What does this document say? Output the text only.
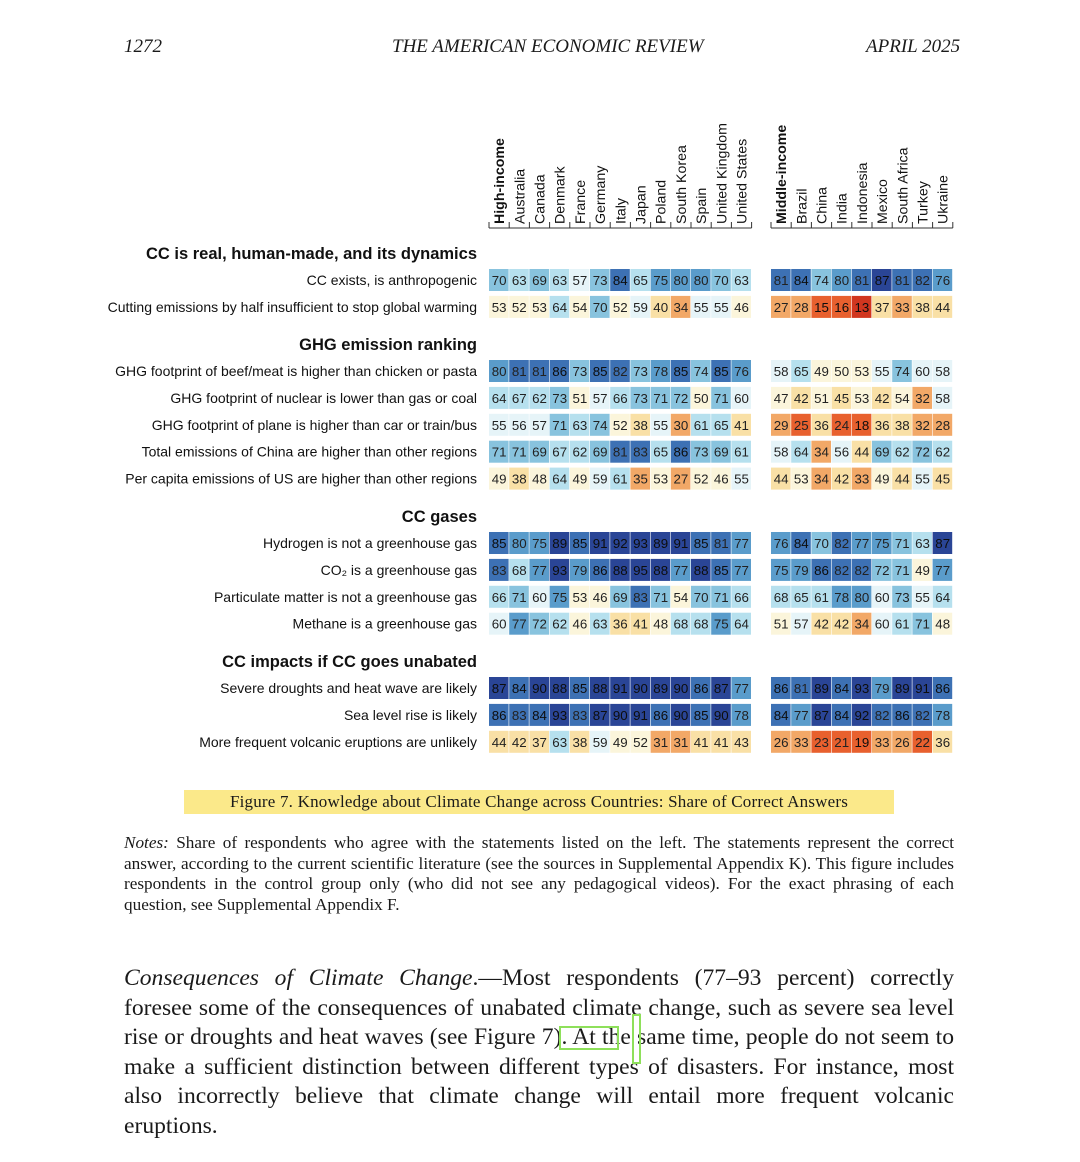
1272	THE AMERICAN ECONOMIC REVIEW	APRIL 2025
High-income Australia Canada Denmark France Germany Italy Japan Poland South Korea Spain United Kingdom United States Middle-income Brazil China India Indonesia Mexico South Africa Turkey Ukraine
CC is real, human-made, and its dynamics
CC exists, is anthropogenic 70 63 69 63 57 73 84 65 75 80 80 70 63 81 84 74 80 81 87 81 82 76
Cutting emissions by half insufficient to stop global warming 53 52 53 64 54 70 52 59 40 34 55 55 46 27 28 15 16 13 37 33 38 44
GHG emission ranking
GHG footprint of beef/meat is higher than chicken or pasta 80 81 81 86 73 85 82 73 78 85 74 85 76 58 65 49 50 53 55 74 60 58
GHG footprint of nuclear is lower than gas or coal 64 67 62 73 51 57 66 73 71 72 50 71 60 47 42 51 45 53 42 54 32 58
GHG footprint of plane is higher than car or train/bus 55 56 57 71 63 74 52 38 55 30 61 65 41 29 25 36 24 18 36 38 32 28
Total emissions of China are higher than other regions 71 71 69 67 62 69 81 83 65 86 73 69 61 58 64 34 56 44 69 62 72 62
Per capita emissions of US are higher than other regions 49 38 48 64 49 59 61 35 53 27 52 46 55 44 53 34 42 33 49 44 55 45
CC gases
Hydrogen is not a greenhouse gas 85 80 75 89 85 91 92 93 89 91 85 81 77 76 84 70 82 77 75 71 63 87
CO₂ is a greenhouse gas 83 68 77 93 79 86 88 95 88 77 88 85 77 75 79 86 82 82 72 71 49 77
Particulate matter is not a greenhouse gas 66 71 60 75 53 46 69 83 71 54 70 71 66 68 65 61 78 80 60 73 55 64
Methane is a greenhouse gas 60 77 72 62 46 63 36 41 48 68 68 75 64 51 57 42 42 34 60 61 71 48
CC impacts if CC goes unabated
Severe droughts and heat wave are likely 87 84 90 88 85 88 91 90 89 90 86 87 77 86 81 89 84 93 79 89 91 86
Sea level rise is likely 86 83 84 93 83 87 90 91 86 90 85 90 78 84 77 87 84 92 82 86 82 78
More frequent volcanic eruptions are unlikely 44 42 37 63 38 59 49 52 31 31 41 41 43 26 33 23 21 19 33 26 22 36
Figure 7. Knowledge about Climate Change across Countries: Share of Correct Answers
Notes: Share of respondents who agree with the statements listed on the left. The statements represent the correct answer, according to the current scientific literature (see the sources in Supplemental Appendix K). This figure includes respondents in the control group only (who did not see any pedagogical videos). For the exact phrasing of each question, see Supplemental Appendix F.
Consequences of Climate Change.—Most respondents (77–93 percent) correctly foresee some of the consequences of unabated climate change, such as severe sea level rise or droughts and heat waves (see Figure 7). At the same time, people do not seem to make a sufficient distinction between different types of disasters. For instance, most also incorrectly believe that climate change will entail more frequent volcanic eruptions.
